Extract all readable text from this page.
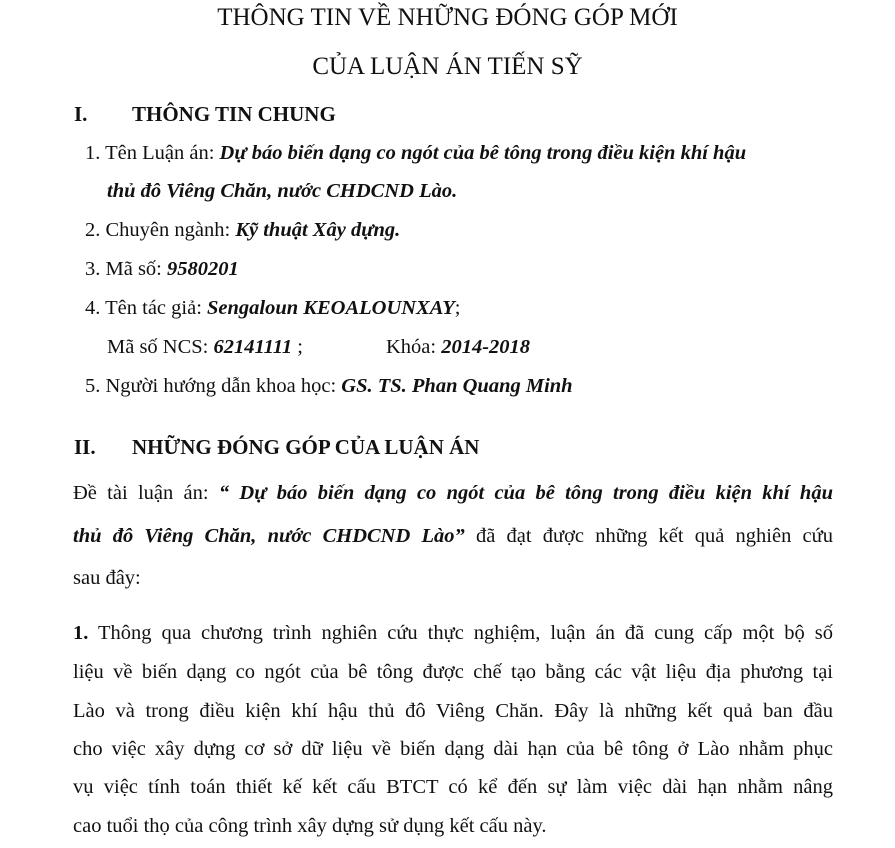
THÔNG TIN VỀ NHỮNG ĐÓNG GÓP MỚI
CỦA LUẬN ÁN TIẾN SỸ
I. THÔNG TIN CHUNG
1. Tên Luận án: Dự báo biến dạng co ngót của bê tông trong điều kiện khí hậu
thủ đô Viêng Chăn, nước CHDCND Lào.
2. Chuyên ngành: Kỹ thuật Xây dựng.
3. Mã số: 9580201
4. Tên tác giả: Sengaloun KEOALOUNXAY;
Mã số NCS: 62141111 ;	Khóa: 2014-2018
5. Người hướng dẫn khoa học: GS. TS. Phan Quang Minh
II. NHỮNG ĐÓNG GÓP CỦA LUẬN ÁN
Đề tài luận án: “ Dự báo biến dạng co ngót của bê tông trong điều kiện khí hậu
thủ đô Viêng Chăn, nước CHDCND Lào” đã đạt được những kết quả nghiên cứu
sau đây:
1. Thông qua chương trình nghiên cứu thực nghiệm, luận án đã cung cấp một bộ số
liệu về biến dạng co ngót của bê tông được chế tạo bằng các vật liệu địa phương tại
Lào và trong điều kiện khí hậu thủ đô Viêng Chăn. Đây là những kết quả ban đầu
cho việc xây dựng cơ sở dữ liệu về biến dạng dài hạn của bê tông ở Lào nhằm phục
vụ việc tính toán thiết kế kết cấu BTCT có kể đến sự làm việc dài hạn nhằm nâng
cao tuổi thọ của công trình xây dựng sử dụng kết cấu này.
